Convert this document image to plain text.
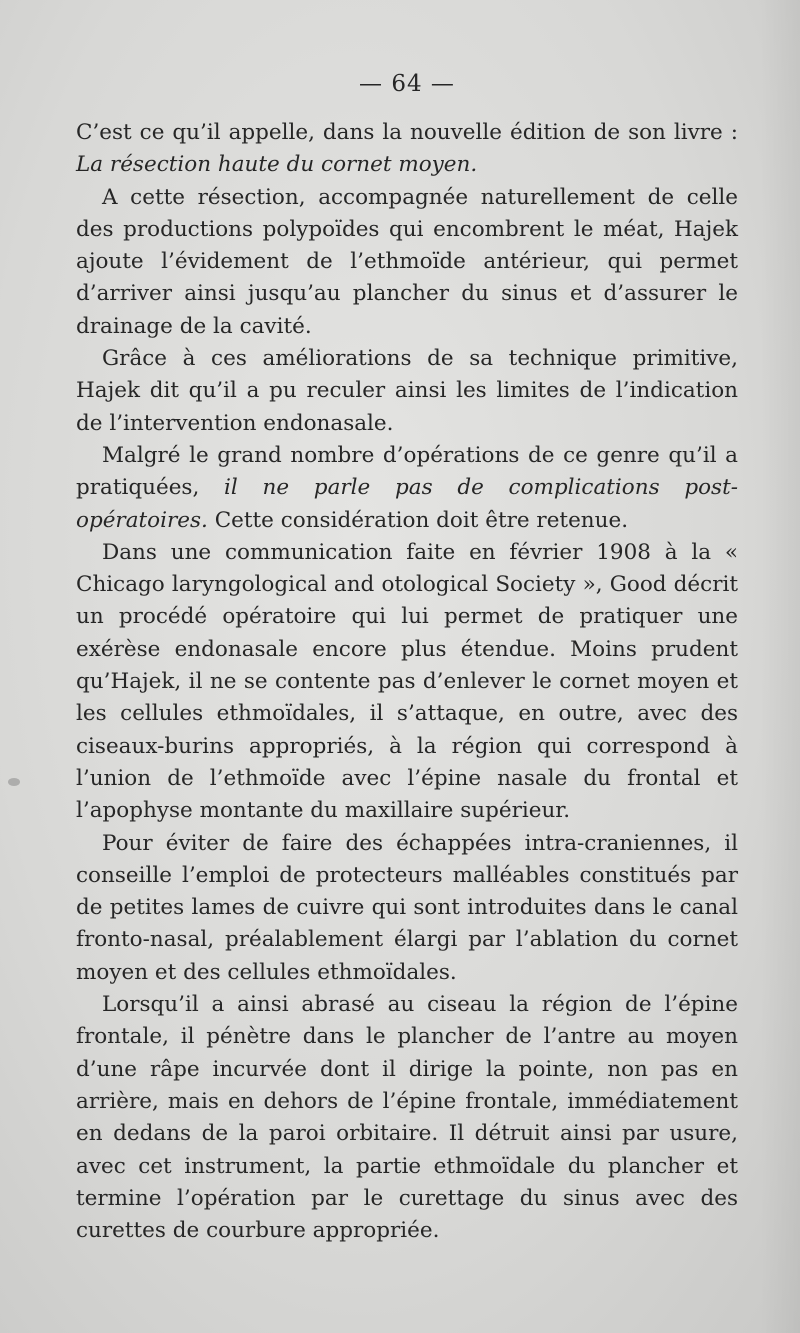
— 64 —

C’est ce qu’il appelle, dans la nouvelle édition de son livre : La résection haute du cornet moyen.

A cette résection, accompagnée naturellement de celle des productions polypoïdes qui encombrent le méat, Hajek ajoute l’évidement de l’ethmoïde antérieur, qui permet d’arriver ainsi jusqu’au plancher du sinus et d’assurer le drainage de la cavité.

Grâce à ces améliorations de sa technique primitive, Hajek dit qu’il a pu reculer ainsi les limites de l’indication de l’intervention endonasale.

Malgré le grand nombre d’opérations de ce genre qu’il a pratiquées, il ne parle pas de complications post-opératoires. Cette considération doit être retenue.

Dans une communication faite en février 1908 à la « Chicago laryngological and otological Society », Good décrit un procédé opératoire qui lui permet de pratiquer une exérèse endonasale encore plus étendue. Moins prudent qu’Hajek, il ne se contente pas d’enlever le cornet moyen et les cellules ethmoïdales, il s’attaque, en outre, avec des ciseaux-burins appropriés, à la région qui correspond à l’union de l’ethmoïde avec l’épine nasale du frontal et l’apophyse montante du maxillaire supérieur.

Pour éviter de faire des échappées intra-craniennes, il conseille l’emploi de protecteurs malléables constitués par de petites lames de cuivre qui sont introduites dans le canal fronto-nasal, préalablement élargi par l’ablation du cornet moyen et des cellules ethmoïdales.

Lorsqu’il a ainsi abrasé au ciseau la région de l’épine frontale, il pénètre dans le plancher de l’antre au moyen d’une râpe incurvée dont il dirige la pointe, non pas en arrière, mais en dehors de l’épine frontale, immédiatement en dedans de la paroi orbitaire. Il détruit ainsi par usure, avec cet instrument, la partie ethmoïdale du plancher et termine l’opération par le curettage du sinus avec des curettes de courbure appropriée.
